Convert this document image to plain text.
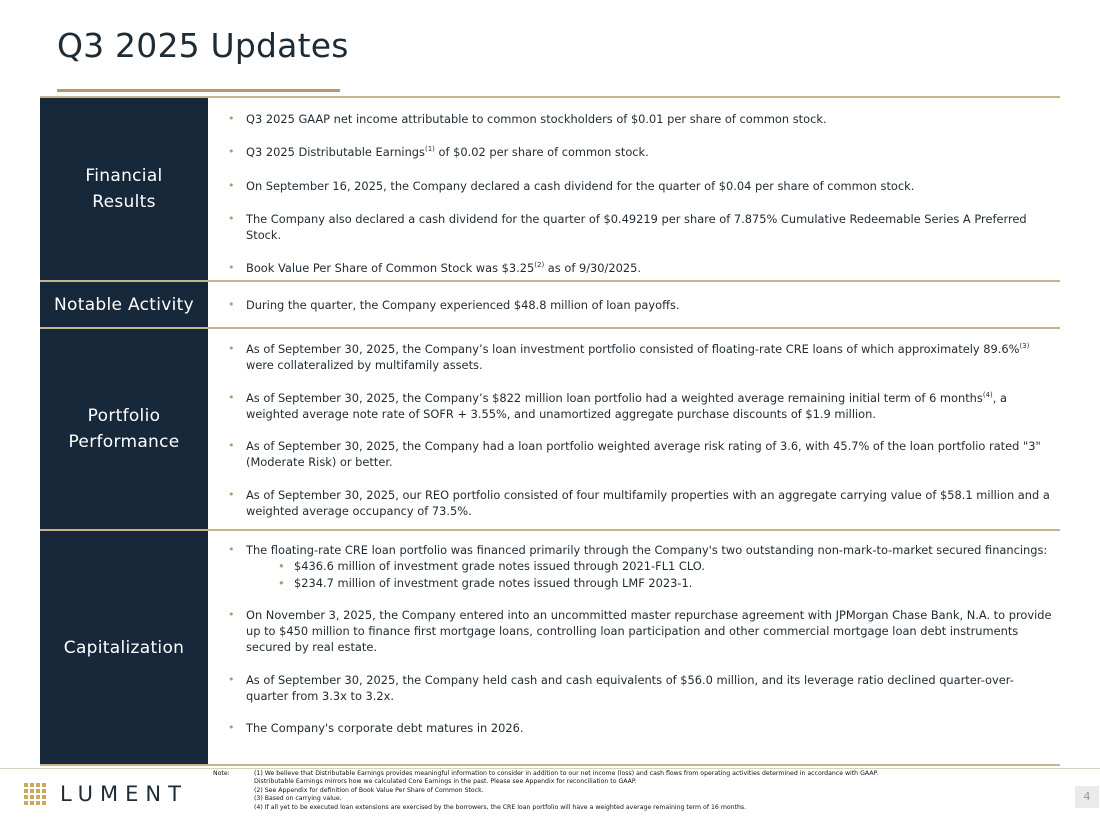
Q3 2025 Updates
Financial Results
• Q3 2025 GAAP net income attributable to common stockholders of $0.01 per share of common stock.
• Q3 2025 Distributable Earnings$^{(1)}$ of $0.02 per share of common stock.
• On September 16, 2025, the Company declared a cash dividend for the quarter of $0.04 per share of common stock.
• The Company also declared a cash dividend for the quarter of $0.49219 per share of 7.875% Cumulative Redeemable Series A Preferred Stock.
• Book Value Per Share of Common Stock was $3.25$^{(2)}$ as of 9/30/2025.
Notable Activity
•	During the quarter, the Company experienced $48.8 million of loan payoffs.
Portfolio Performance
• As of September 30, 2025, the Company’s loan investment portfolio consisted of floating-rate CRE loans of which approximately 89.6%$^{(3)}$ were collateralized by multifamily assets.
• As of September 30, 2025, the Company’s $822 million loan portfolio had a weighted average remaining initial term of 6 months$^{(4)}$, a weighted average note rate of SOFR + 3.55%, and unamortized aggregate purchase discounts of $1.9 million.
• As of September 30, 2025, the Company had a loan portfolio weighted average risk rating of 3.6, with 45.7% of the loan portfolio rated "3" (Moderate Risk) or better.
• As of September 30, 2025, our REO portfolio consisted of four multifamily properties with an aggregate carrying value of $58.1 million and a weighted average occupancy of 73.5%.
Capitalization
• The floating-rate CRE loan portfolio was financed primarily through the Company's two outstanding non-mark-to-market secured financings:
• $436.6 million of investment grade notes issued through 2021-FL1 CLO.
• $234.7 million of investment grade notes issued through LMF 2023-1.
• On November 3, 2025, the Company entered into an uncommitted master repurchase agreement with JPMorgan Chase Bank, N.A. to provide up to $450 million to finance first mortgage loans, controlling loan participation and other commercial mortgage loan debt instruments secured by real estate.
• As of September 30, 2025, the Company held cash and cash equivalents of $56.0 million, and its leverage ratio declined quarter-over-quarter from 3.3x to 3.2x.
• The Company's corporate debt matures in 2026.
LUMENT
Note:	(1) We believe that Distributable Earnings provides meaningful information to consider in addition to our net income (loss) and cash flows from operating activities determined in accordance with GAAP.
Distributable Earnings mirrors how we calculated Core Earnings in the past. Please see Appendix for reconciliation to GAAP.
(2) See Appendix for definition of Book Value Per Share of Common Stock.
(3) Based on carrying value.
(4) If all yet to be executed loan extensions are exercised by the borrowers, the CRE loan portfolio will have a weighted average remaining term of 16 months.
4
